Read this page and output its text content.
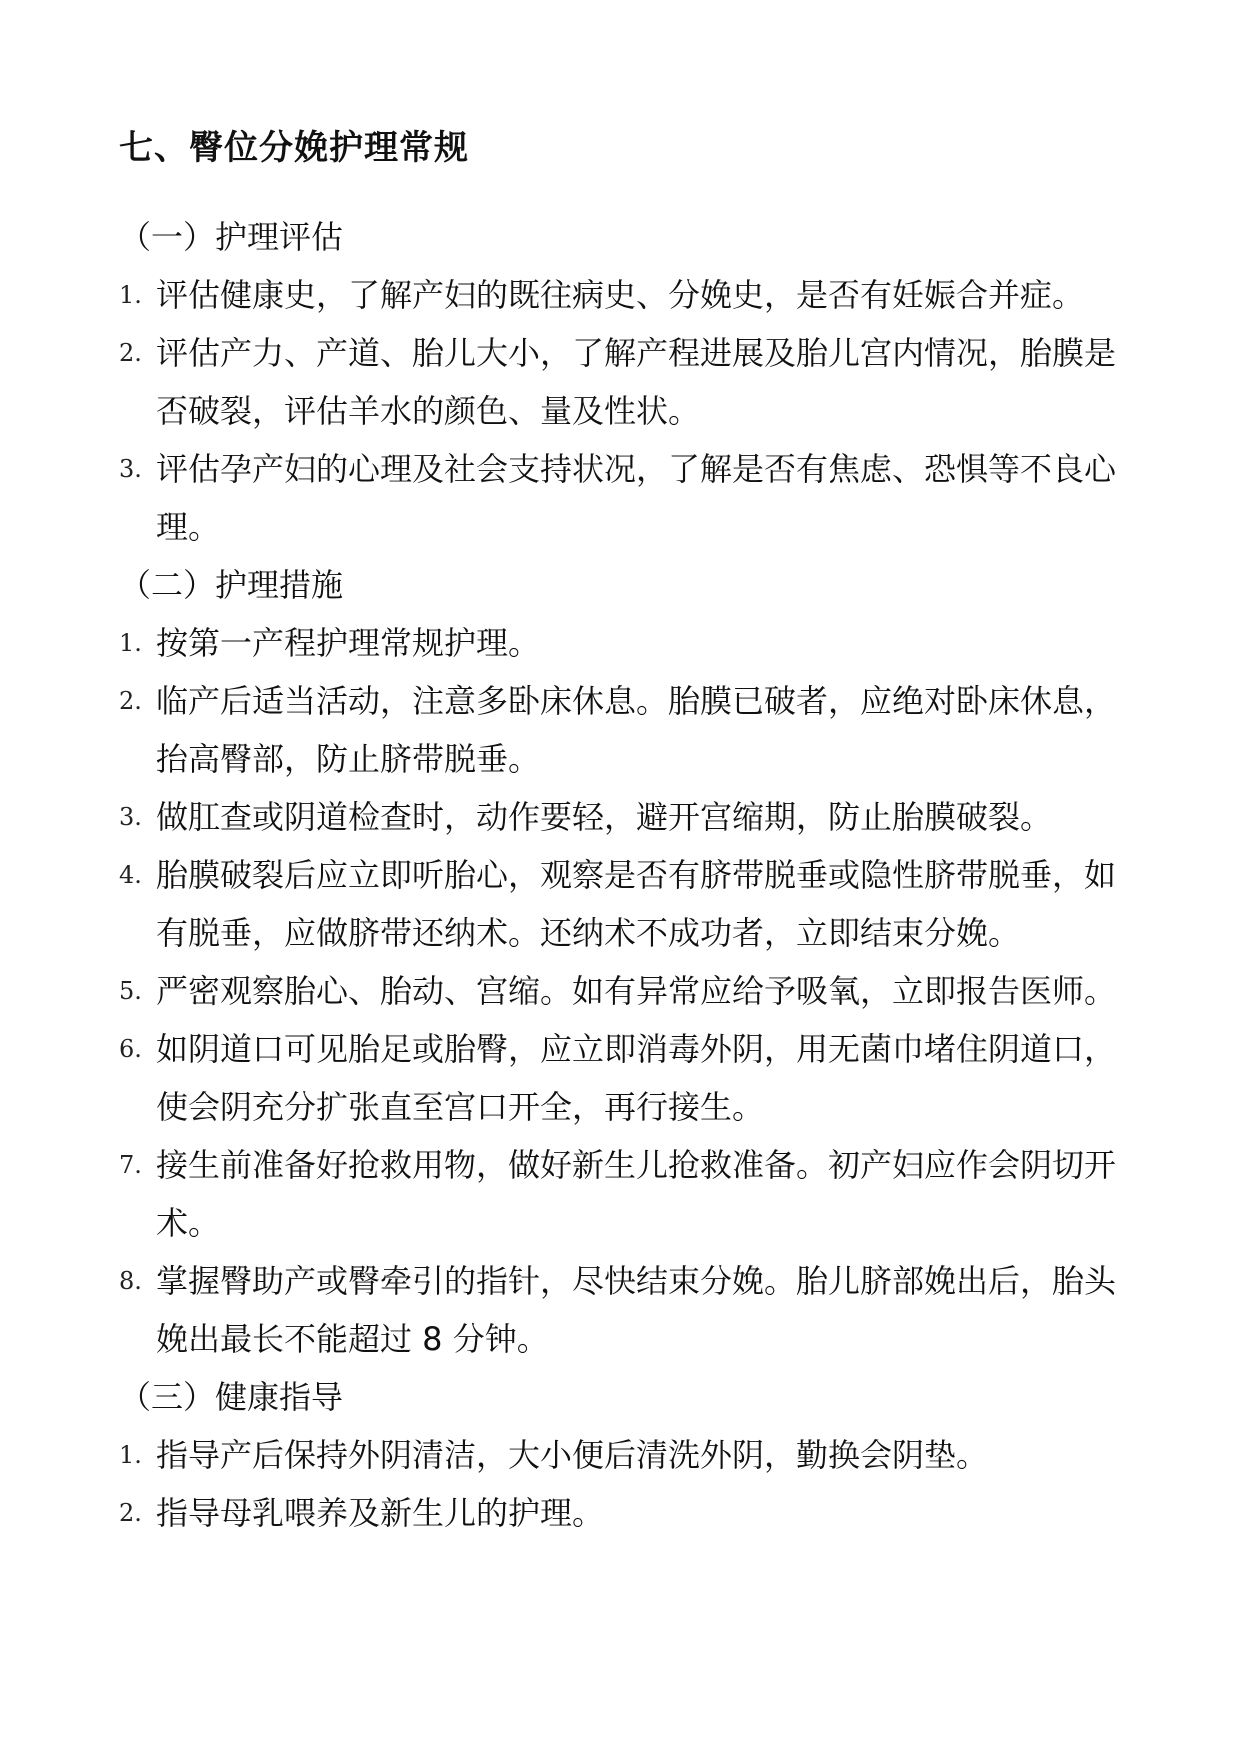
七、臀位分娩护理常规

（一）护理评估

1. 评估健康史，了解产妇的既往病史、分娩史，是否有妊娠合并症。
2. 评估产力、产道、胎儿大小，了解产程进展及胎儿宫内情况，胎膜是否破裂，评估羊水的颜色、量及性状。
3. 评估孕产妇的心理及社会支持状况，了解是否有焦虑、恐惧等不良心理。

（二）护理措施

1. 按第一产程护理常规护理。
2. 临产后适当活动，注意多卧床休息。胎膜已破者，应绝对卧床休息，抬高臀部，防止脐带脱垂。
3. 做肛查或阴道检查时，动作要轻，避开宫缩期，防止胎膜破裂。
4. 胎膜破裂后应立即听胎心，观察是否有脐带脱垂或隐性脐带脱垂，如有脱垂，应做脐带还纳术。还纳术不成功者，立即结束分娩。
5. 严密观察胎心、胎动、宫缩。如有异常应给予吸氧，立即报告医师。
6. 如阴道口可见胎足或胎臀，应立即消毒外阴，用无菌巾堵住阴道口，使会阴充分扩张直至宫口开全，再行接生。
7. 接生前准备好抢救用物，做好新生儿抢救准备。初产妇应作会阴切开术。
8. 掌握臀助产或臀牵引的指针，尽快结束分娩。胎儿脐部娩出后，胎头娩出最长不能超过 8 分钟。

（三）健康指导

1. 指导产后保持外阴清洁，大小便后清洗外阴，勤换会阴垫。
2. 指导母乳喂养及新生儿的护理。
